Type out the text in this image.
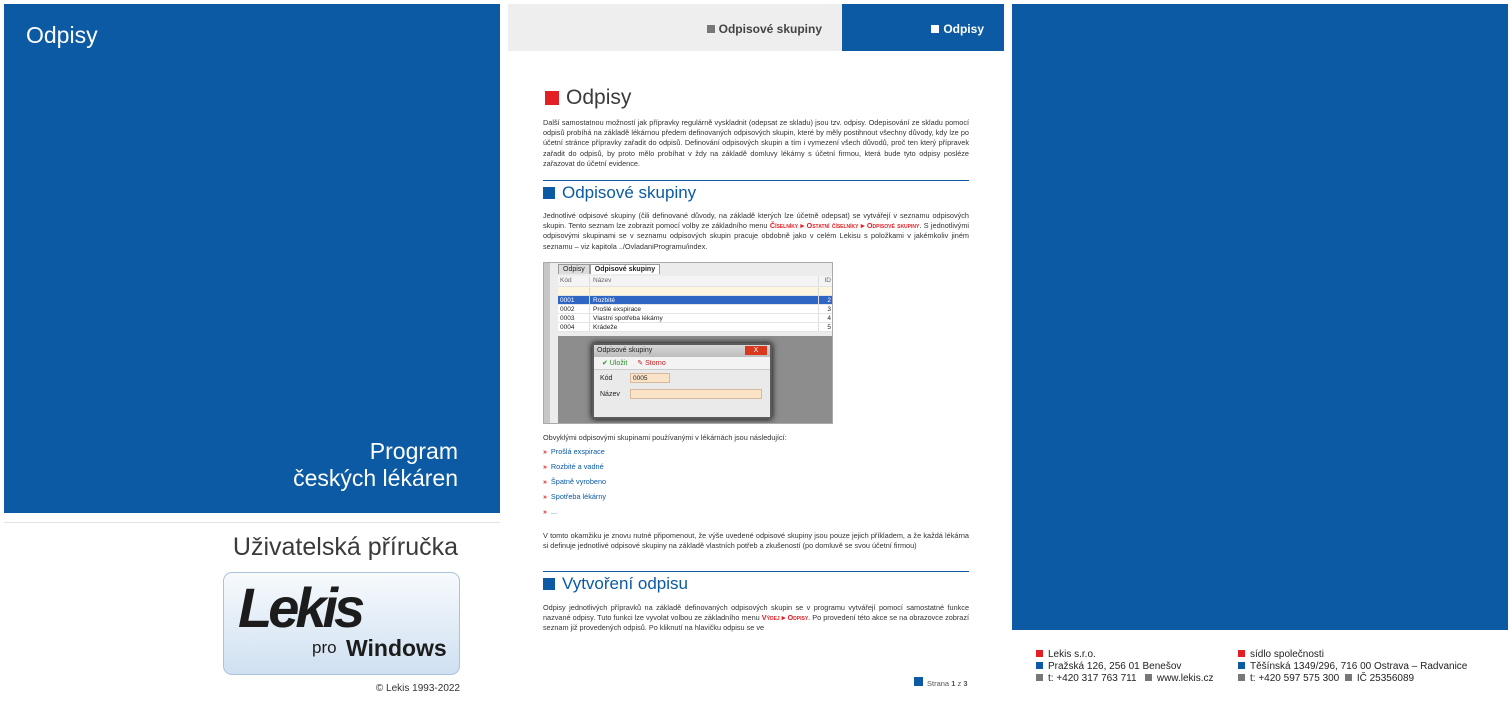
Odpisy
Program
českých lékáren
Uživatelská příručka
Lekis
pro Windows
© Lekis 1993-2022
Odpisové skupiny	Odpisy
Odpisy
Další samostatnou možností jak přípravky regulárně vyskladnit (odepsat ze skladu) jsou tzv. odpisy. Odepisování ze skladu pomocí odpisů probíhá na základě lékárnou předem definovaných odpisových skupin, které by měly postihnout všechny důvody, kdy lze po účetní stránce přípravky zařadit do odpisů. Definování odpisových skupin a tím i vymezení všech důvodů, proč ten který přípravek zařadit do odpisů, by proto mělo probíhat v ždy na základě domluvy lékárny s účetní firmou, která bude tyto odpisy posléze zařazovat do účetní evidence.
Odpisové skupiny
Jednotlivé odpisové skupiny (čili definované důvody, na základě kterých lze účetně odepsat) se vytvářejí v seznamu odpisových skupin. Tento seznam lze zobrazit pomocí volby ze základního menu Číselníky ▸ Ostatní číselníky ▸ Odpisové skupiny. S jednotlivými odpisovými skupinami se v seznamu odpisových skupin pracuje obdobně jako v celém Lekisu s položkami v jakémkoliv jiném seznamu – viz kapitola ../OvladaniProgramu/index.
Odpisy Odpisové skupiny
Kód	Název	ID
0001	Rozbité	2
0002	Prošlé exspirace	3
0003	Vlastní spotřeba lékárny	4
0004	Krádeže	5
Odpisové skupiny	X
✔ Uložit ✎ Storno
Kód	0005
Název
Obvyklými odpisovými skupinami používanými v lékárnách jsou následující:
» Prošlá exspirace
» Rozbité a vadné
» Špatně vyrobeno
» Spotřeba lékárny
» ...
V tomto okamžiku je znovu nutné připomenout, že výše uvedené odpisové skupiny jsou pouze jejich příkladem, a že každá lékárna si definuje jednotlivé odpisové skupiny na základě vlastních potřeb a zkušeností (po domluvě se svou účetní firmou)
Vytvoření odpisu
Odpisy jednotlivých přípravků na základě definovaných odpisových skupin se v programu vytvářejí pomocí samostatné funkce nazvané odpisy. Tuto funkci lze vyvolat volbou ze základního menu Výdej ▸ Odpisy. Po provedení této akce se na obrazovce zobrazí seznam již provedených odpisů. Po kliknutí na hlavičku odpisu se ve
Strana 1 z 3
Lekis s.r.o.
Pražská 126, 256 01 Benešov
t: +420 317 763 711 www.lekis.cz
sídlo společnosti
Těšínská 1349/296, 716 00 Ostrava – Radvanice
t: +420 597 575 300 IČ 25356089
